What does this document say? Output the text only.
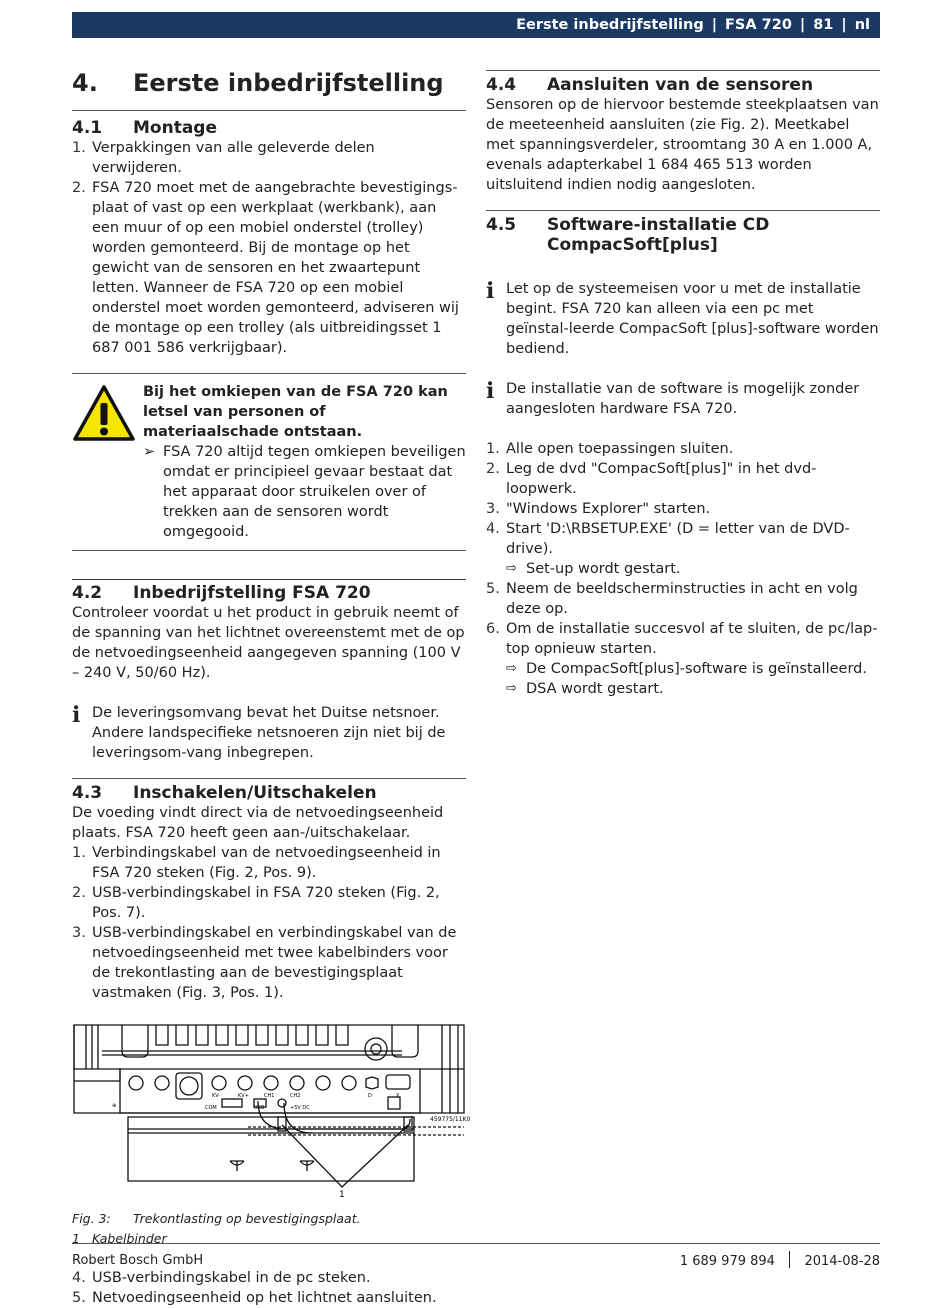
Eerste inbedrijfstelling | FSA 720 | 81 | nl
4.	Eerste inbedrijfstelling
4.1	Montage
1. Verpakkingen van alle geleverde delen verwijderen.
2. FSA 720 moet met de aangebrachte bevestigings-plaat of vast op een werkplaat (werkbank), aan een muur of op een mobiel onderstel (trolley) worden gemonteerd. Bij de montage op het gewicht van de sensoren en het zwaartepunt letten. Wanneer de FSA 720 op een mobiel onderstel moet worden gemonteerd, adviseren wij de montage op een trolley (als uitbreidingsset 1 687 001 586 verkrijgbaar).
Bij het omkiepen van de FSA 720 kan letsel van personen of materiaalschade ontstaan.
➢ FSA 720 altijd tegen omkiepen beveiligen omdat er principieel gevaar bestaat dat het apparaat door struikelen over of trekken aan de sensoren wordt omgegooid.
4.2	Inbedrijfstelling FSA 720

Controleer voordat u het product in gebruik neemt of de spanning van het lichtnet overeenstemt met de op de netvoedingseenheid aangegeven spanning (100 V – 240 V, 50/60 Hz).

ℹ De leveringsomvang bevat het Duitse netsnoer. Andere landspecifieke netsnoeren zijn niet bij de leveringsom-vang inbegrepen.
4.3	Inschakelen/Uitschakelen

De voeding vindt direct via de netvoedingseenheid plaats. FSA 720 heeft geen aan-/uitschakelaar.

1. Verbindingskabel van de netvoedingseenheid in FSA 720 steken (Fig. 2, Pos. 9).
2. USB-verbindingskabel in FSA 720 steken (Fig. 2, Pos. 7).
3. USB-verbindingskabel en verbindingskabel van de netvoedingseenheid met twee kabelbinders voor de trekontlasting aan de bevestigingsplaat vastmaken (Fig. 3, Pos. 1).
⊕	COM	USB	+5V DC
KV-	KV+	CH1	CH2	D	X
459775/11K0
1
Fig. 3: Trekontlasting op bevestigingsplaat.
1 Kabelbinder
4. USB-verbindingskabel in de pc steken.
5. Netvoedingseenheid op het lichtnet aansluiten.
4.4	Aansluiten van de sensoren

Sensoren op de hiervoor bestemde steekplaatsen van de meeteenheid aansluiten (zie Fig. 2). Meetkabel met spanningsverdeler, stroomtang 30 A en 1.000 A, evenals adapterkabel 1 684 465 513 worden uitsluitend indien nodig aangesloten.

4.5	Software-installatie CD
CompacSoft[plus]
ℹ Let op de systeemeisen voor u met de installatie begint. FSA 720 kan alleen via een pc met geïnstal-leerde CompacSoft [plus]-software worden bediend.
ℹ De installatie van de software is mogelijk zonder aangesloten hardware FSA 720.
1. Alle open toepassingen sluiten.
2. Leg de dvd "CompacSoft[plus]" in het dvd-loopwerk.
3. "Windows Explorer" starten.
4. Start 'D:\RBSETUP.EXE' (D = letter van de DVD-drive).
⇨ Set-up wordt gestart.
5. Neem de beeldscherminstructies in acht en volg deze op.
6. Om de installatie succesvol af te sluiten, de pc/lap-top opnieuw starten.
⇨ De CompacSoft[plus]-software is geïnstalleerd.
⇨ DSA wordt gestart.
Robert Bosch GmbH	1 689 979 894 2014-08-28
